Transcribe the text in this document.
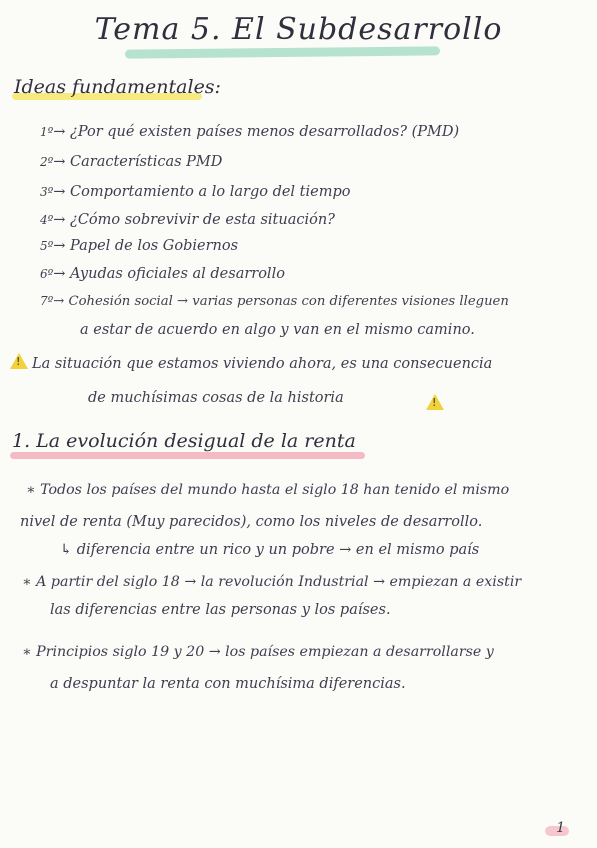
Tema 5. El Subdesarrollo
Ideas fundamentales:
1º→ ¿Por qué existen países menos desarrollados? (PMD)
2º→ Características PMD
3º→ Comportamiento a lo largo del tiempo
4º→ ¿Cómo sobrevivir de esta situación?
5º→ Papel de los Gobiernos
6º→ Ayudas oficiales al desarrollo
7º→ Cohesión social → varias personas con diferentes visiones lleguen
a estar de acuerdo en algo y van en el mismo camino.
!
La situación que estamos viviendo ahora, es una consecuencia
de muchísimas cosas de la historia
!
1. La evolución desigual de la renta
∗ Todos los países del mundo hasta el siglo 18 han tenido el mismo
nivel de renta (Muy parecidos), como los niveles de desarrollo.
↳ diferencia entre un rico y un pobre → en el mismo país
∗ A partir del siglo 18 → la revolución Industrial → empiezan a existir
las diferencias entre las personas y los países.
∗ Principios siglo 19 y 20 → los países empiezan a desarrollarse y
a despuntar la renta con muchísima diferencias.
1
